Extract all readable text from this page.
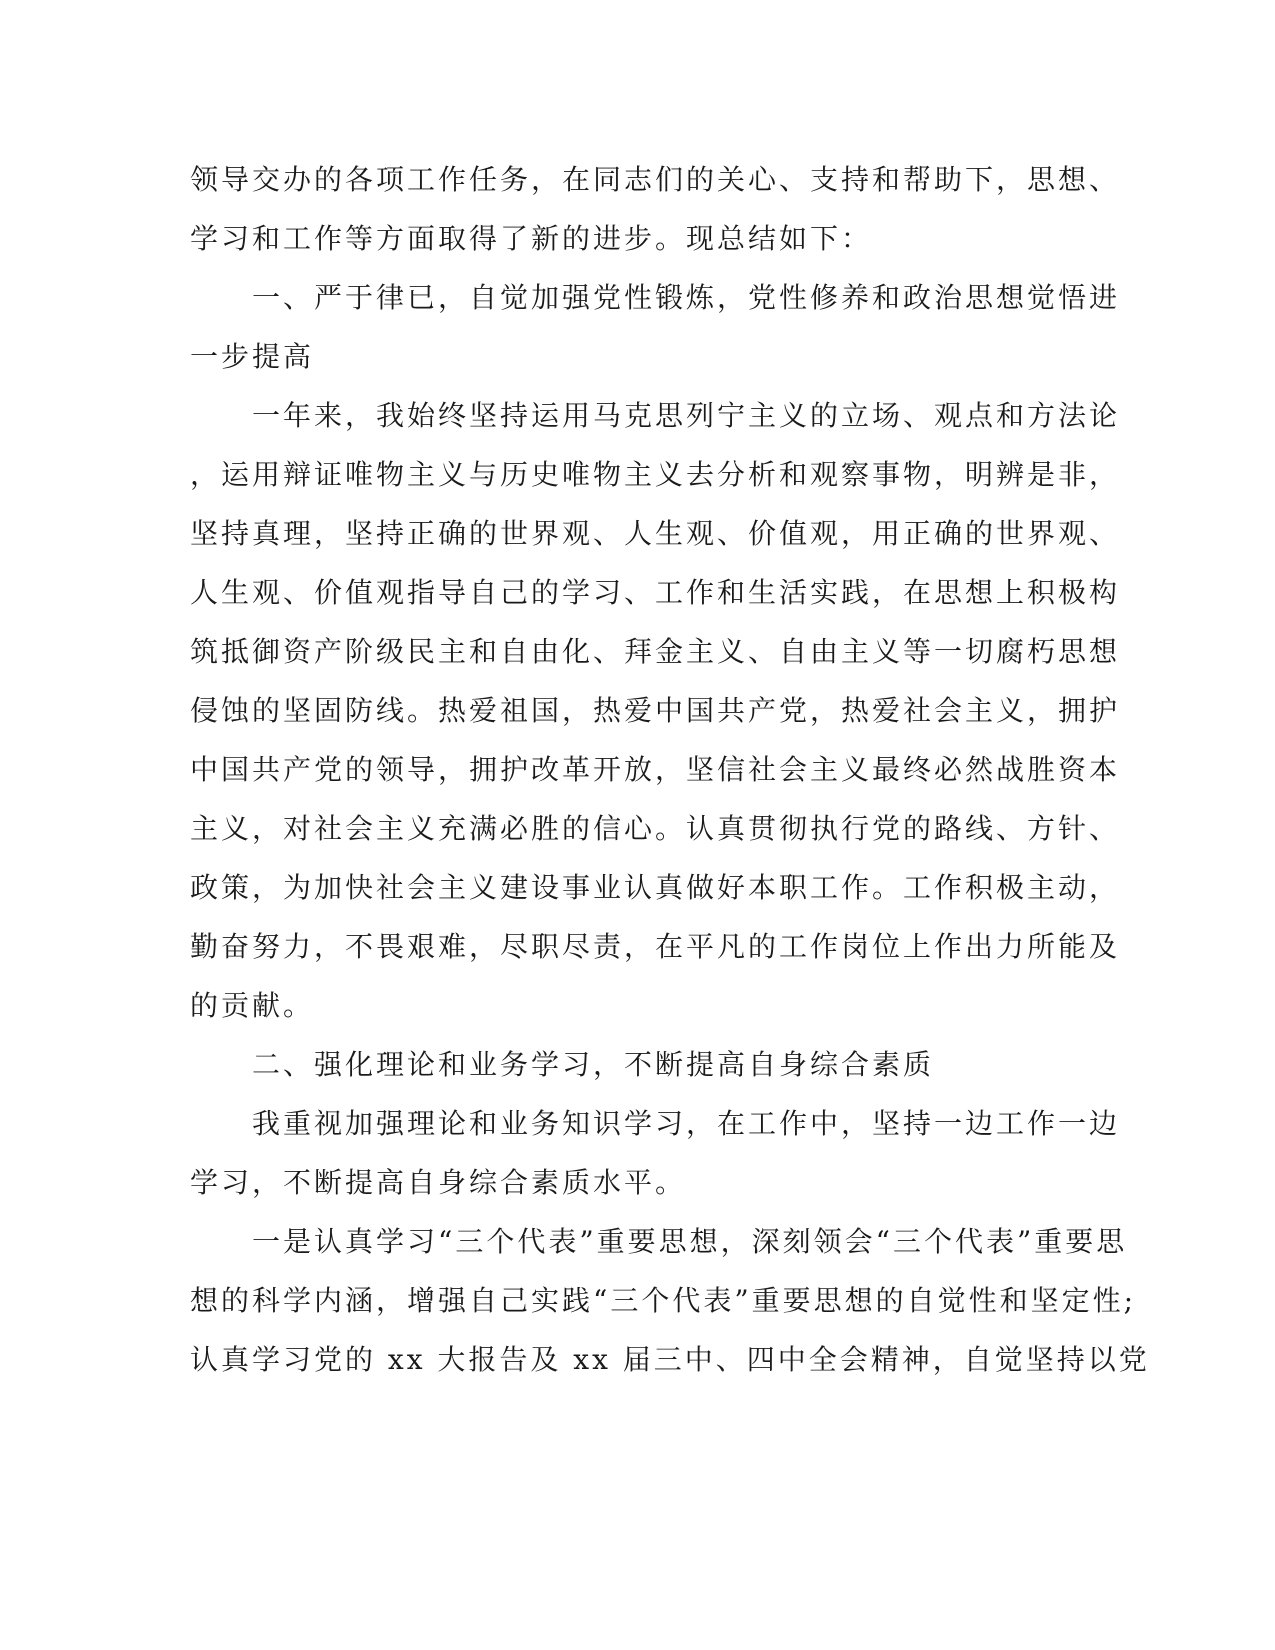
领导交办的各项工作任务，在同志们的关心、支持和帮助下，思想、
学习和工作等方面取得了新的进步。现总结如下：
　　一、严于律已，自觉加强党性锻炼，党性修养和政治思想觉悟进
一步提高
　　一年来，我始终坚持运用马克思列宁主义的立场、观点和方法论
，运用辩证唯物主义与历史唯物主义去分析和观察事物，明辨是非，
坚持真理，坚持正确的世界观、人生观、价值观，用正确的世界观、
人生观、价值观指导自己的学习、工作和生活实践，在思想上积极构
筑抵御资产阶级民主和自由化、拜金主义、自由主义等一切腐朽思想
侵蚀的坚固防线。热爱祖国，热爱中国共产党，热爱社会主义，拥护
中国共产党的领导，拥护改革开放，坚信社会主义最终必然战胜资本
主义，对社会主义充满必胜的信心。认真贯彻执行党的路线、方针、
政策，为加快社会主义建设事业认真做好本职工作。工作积极主动，
勤奋努力，不畏艰难，尽职尽责，在平凡的工作岗位上作出力所能及
的贡献。
　　二、强化理论和业务学习，不断提高自身综合素质
　　我重视加强理论和业务知识学习，在工作中，坚持一边工作一边
学习，不断提高自身综合素质水平。
　　一是认真学习“三个代表”重要思想，深刻领会“三个代表”重要思
想的科学内涵，增强自己实践“三个代表”重要思想的自觉性和坚定性;
认真学习党的 xx 大报告及 xx 届三中、四中全会精神，自觉坚持以党
